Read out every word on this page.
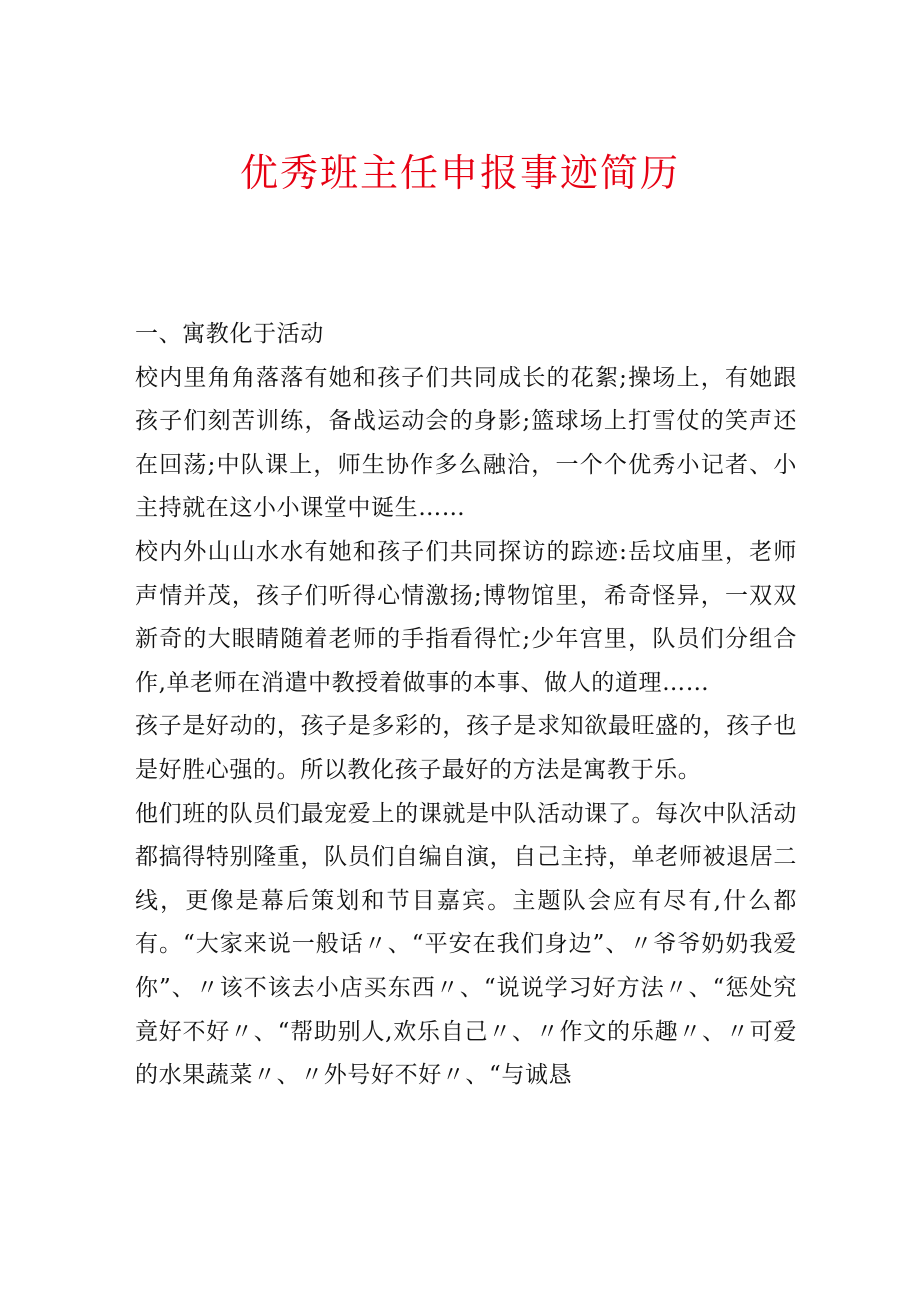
优秀班主任申报事迹简历

一、寓教化于活动

校内里角角落落有她和孩子们共同成长的花絮;操场上，有她跟孩子们刻苦训练，备战运动会的身影;篮球场上打雪仗的笑声还在回荡;中队课上，师生协作多么融洽，一个个优秀小记者、小主持就在这小小课堂中诞生……

校内外山山水水有她和孩子们共同探访的踪迹:岳坟庙里，老师声情并茂，孩子们听得心情激扬;博物馆里，希奇怪异，一双双新奇的大眼睛随着老师的手指看得忙;少年宫里，队员们分组合作,单老师在消遣中教授着做事的本事、做人的道理……

孩子是好动的，孩子是多彩的，孩子是求知欲最旺盛的，孩子也是好胜心强的。所以教化孩子最好的方法是寓教于乐。

他们班的队员们最宠爱上的课就是中队活动课了。每次中队活动都搞得特别隆重，队员们自编自演，自己主持，单老师被退居二线，更像是幕后策划和节目嘉宾。主题队会应有尽有,什么都有。“大家来说一般话〃、“平安在我们身边”、〃爷爷奶奶我爱你”、〃该不该去小店买东西〃、“说说学习好方法〃、“惩处究竟好不好〃、“帮助别人,欢乐自己〃、〃作文的乐趣〃、〃可爱的水果蔬菜〃、〃外号好不好〃、“与诚恳
